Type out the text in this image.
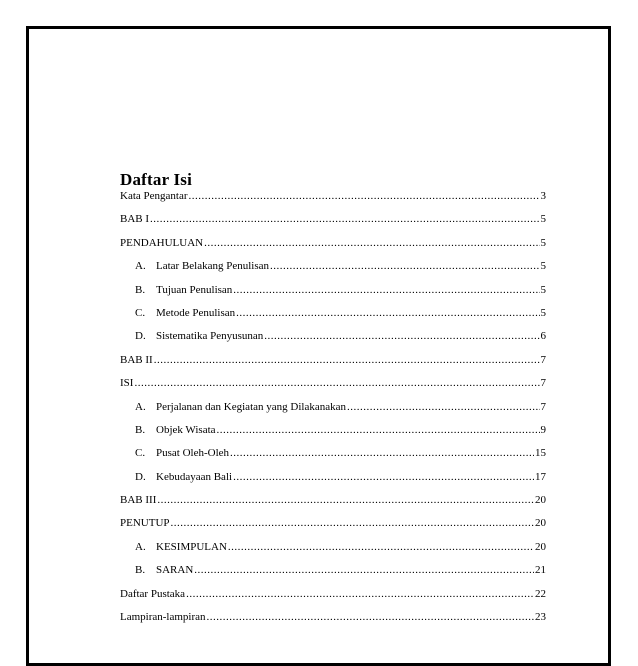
Daftar Isi
Kata Pengantar .....	3
BAB I .....	5
PENDAHULUAN .....	5
A. Latar Belakang Penulisan .....	5
B. Tujuan Penulisan .....	5
C. Metode Penulisan .....	5
D. Sistematika Penyusunan .....	6
BAB II .....	7
ISI .....	7
A. Perjalanan dan Kegiatan yang Dilakanakan .....	7
B. Objek Wisata .....	9
C. Pusat Oleh-Oleh .....	15
D. Kebudayaan Bali .....	17
BAB III .....	20
PENUTUP .....	20
A. KESIMPULAN .....	20
B. SARAN .....	21
Daftar Pustaka .....	22
Lampiran-lampiran .....	23
